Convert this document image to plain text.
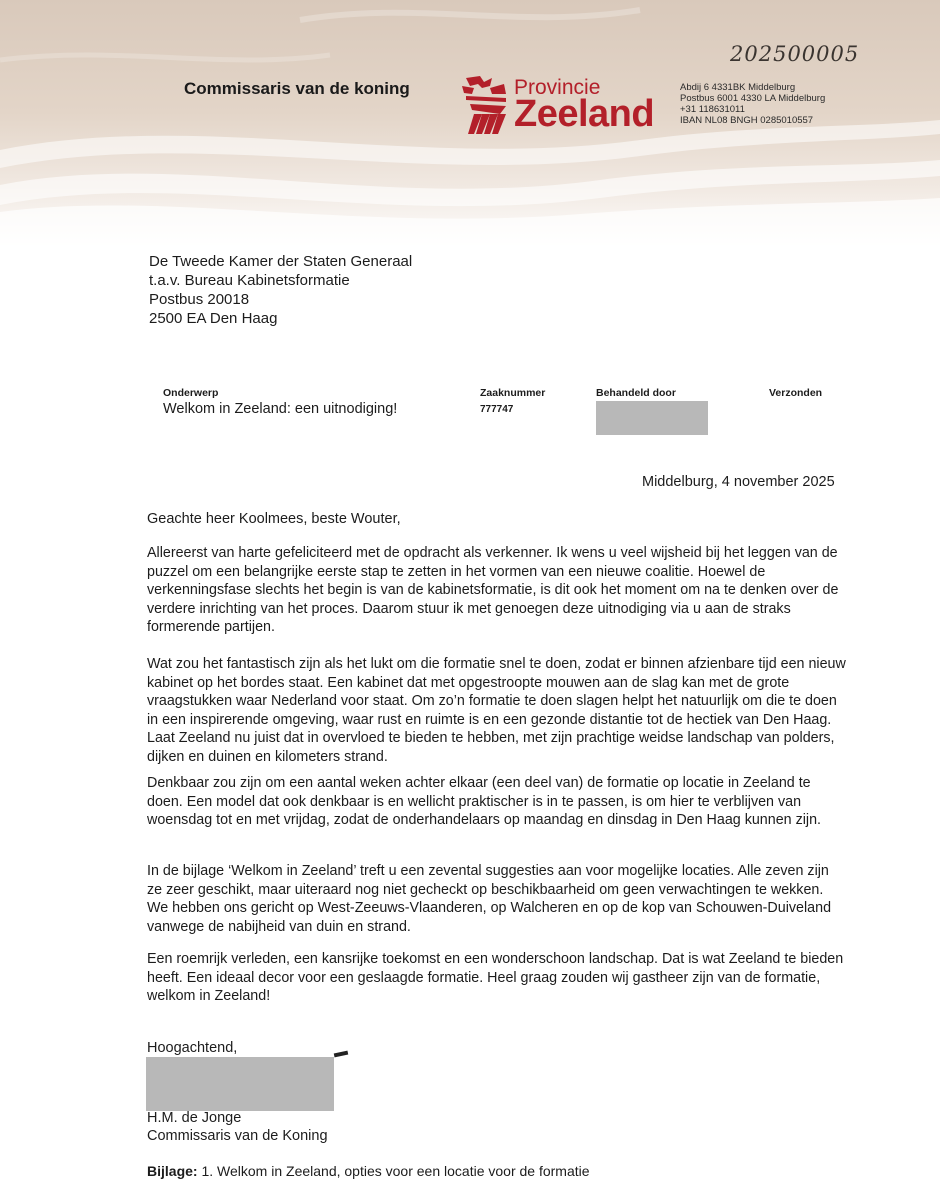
202500005
Commissaris van de koning	Provincie
Zeeland
Abdij 6 4331BK Middelburg
Postbus 6001 4330 LA Middelburg
+31 118631011
IBAN NL08 BNGH 0285010557
De Tweede Kamer der Staten Generaal
t.a.v. Bureau Kabinetsformatie
Postbus 20018
2500 EA Den Haag
Onderwerp
Welkom in Zeeland: een uitnodiging!
Zaaknummer
777747
Behandeld door	Verzonden
Middelburg, 4 november 2025
Geachte heer Koolmees, beste Wouter,
Allereerst van harte gefeliciteerd met de opdracht als verkenner. Ik wens u veel wijsheid bij het leggen van de puzzel om een belangrijke eerste stap te zetten in het vormen van een nieuwe coalitie. Hoewel de verkenningsfase slechts het begin is van de kabinetsformatie, is dit ook het moment om na te denken over de verdere inrichting van het proces. Daarom stuur ik met genoegen deze uitnodiging via u aan de straks formerende partijen.
Wat zou het fantastisch zijn als het lukt om die formatie snel te doen, zodat er binnen afzienbare tijd een nieuw kabinet op het bordes staat. Een kabinet dat met opgestroopte mouwen aan de slag kan met de grote vraagstukken waar Nederland voor staat. Om zo’n formatie te doen slagen helpt het natuurlijk om die te doen in een inspirerende omgeving, waar rust en ruimte is en een gezonde distantie tot de hectiek van Den Haag. Laat Zeeland nu juist dat in overvloed te bieden te hebben, met zijn prachtige weidse landschap van polders, dijken en duinen en kilometers strand.
Denkbaar zou zijn om een aantal weken achter elkaar (een deel van) de formatie op locatie in Zeeland te doen. Een model dat ook denkbaar is en wellicht praktischer is in te passen, is om hier te verblijven van woensdag tot en met vrijdag, zodat de onderhandelaars op maandag en dinsdag in Den Haag kunnen zijn.
In de bijlage ‘Welkom in Zeeland’ treft u een zevental suggesties aan voor mogelijke locaties. Alle zeven zijn ze zeer geschikt, maar uiteraard nog niet gecheckt op beschikbaarheid om geen verwachtingen te wekken. We hebben ons gericht op West-Zeeuws-Vlaanderen, op Walcheren en op de kop van Schouwen-Duiveland vanwege de nabijheid van duin en strand.
Een roemrijk verleden, een kansrijke toekomst en een wonderschoon landschap. Dat is wat Zeeland te bieden heeft. Een ideaal decor voor een geslaagde formatie. Heel graag zouden wij gastheer zijn van de formatie, welkom in Zeeland!
Hoogachtend,
H.M. de Jonge
Commissaris van de Koning
Bijlage: 1. Welkom in Zeeland, opties voor een locatie voor de formatie
